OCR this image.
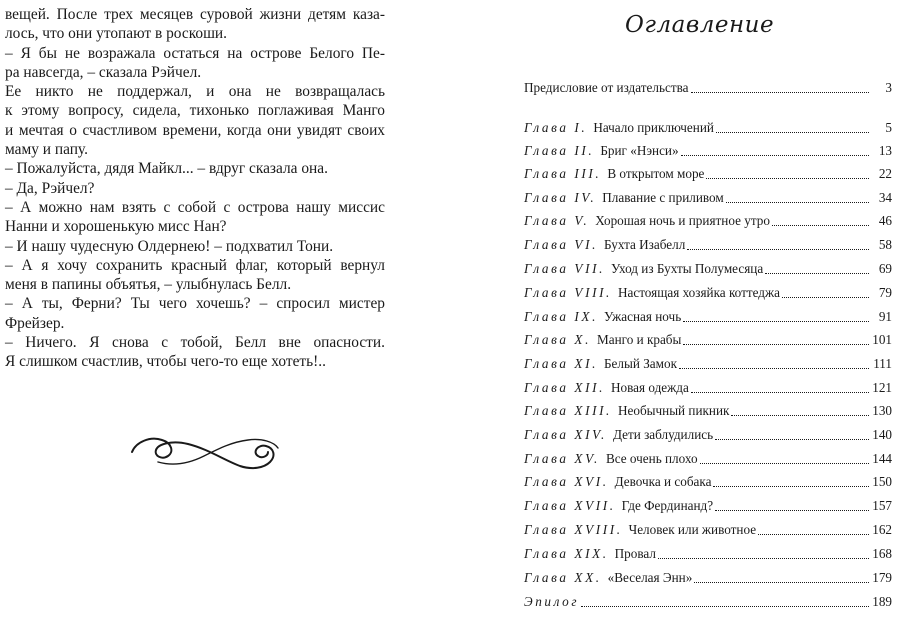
вещей. После трех месяцев суровой жизни детям каза-
лось, что они утопают в роскоши.
– Я бы не возражала остаться на острове Белого Пе-
ра навсегда, – сказала Рэйчел.
Ее никто не поддержал, и она не возвращалась
к этому вопросу, сидела, тихонько поглаживая Манго
и мечтая о счастливом времени, когда они увидят своих
маму и папу.
– Пожалуйста, дядя Майкл... – вдруг сказала она.
– Да, Рэйчел?
– А можно нам взять с собой с острова нашу миссис
Нанни и хорошенькую мисс Нан?
– И нашу чудесную Олдернею! – подхватил Тони.
– А я хочу сохранить красный флаг, который вернул
меня в папины объятья, – улыбнулась Белл.
– А ты, Ферни? Ты чего хочешь? – спросил мистер
Фрейзер.
– Ничего. Я снова с тобой, Белл вне опасности.
Я слишком счастлив, чтобы чего-то еще хотеть!..
Оглавление
Предисловие от издательства	3
Глава I. Начало приключений	5
Глава II. Бриг «Нэнси»	13
Глава III. В открытом море	22
Глава IV. Плавание с приливом	34
Глава V. Хорошая ночь и приятное утро	46
Глава VI. Бухта Изабелл	58
Глава VII. Уход из Бухты Полумесяца	69
Глава VIII. Настоящая хозяйка коттеджа	79
Глава IX. Ужасная ночь	91
Глава X. Манго и крабы	101
Глава XI. Белый Замок	111
Глава XII. Новая одежда	121
Глава XIII. Необычный пикник	130
Глава XIV. Дети заблудились	140
Глава XV. Все очень плохо	144
Глава XVI. Девочка и собака	150
Глава XVII. Где Фердинанд?	157
Глава XVIII. Человек или животное	162
Глава XIX. Провал	168
Глава XX. «Веселая Энн»	179
Эпилог	189
